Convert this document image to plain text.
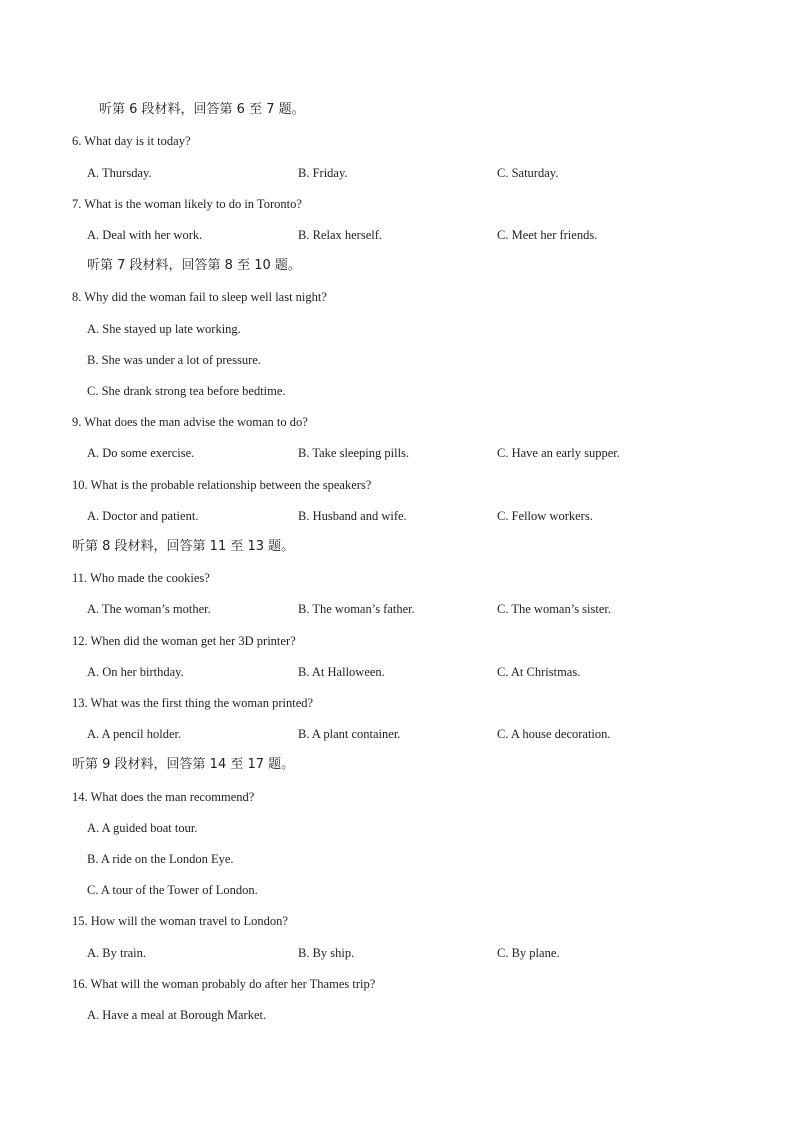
听第 6 段材料，回答第 6 至 7 题。
6. What day is it today?
A. Thursday.	B. Friday.	C. Saturday.
7. What is the woman likely to do in Toronto?
A. Deal with her work.	B. Relax herself.	C. Meet her friends.
听第 7 段材料，回答第 8 至 10 题。
8. Why did the woman fail to sleep well last night?
A. She stayed up late working.
B. She was under a lot of pressure.
C. She drank strong tea before bedtime.
9. What does the man advise the woman to do?
A. Do some exercise.	B. Take sleeping pills.	C. Have an early supper.
10. What is the probable relationship between the speakers?
A. Doctor and patient.	B. Husband and wife.	C. Fellow workers.
听第 8 段材料，回答第 11 至 13 题。
11. Who made the cookies?
A. The woman’s mother.	B. The woman’s father.	C. The woman’s sister.
12. When did the woman get her 3D printer?
A. On her birthday.	B. At Halloween.	C. At Christmas.
13. What was the first thing the woman printed?
A. A pencil holder.	B. A plant container.	C. A house decoration.
听第 9 段材料，回答第 14 至 17 题。
14. What does the man recommend?
A. A guided boat tour.
B. A ride on the London Eye.
C. A tour of the Tower of London.
15. How will the woman travel to London?
A. By train.	B. By ship.	C. By plane.
16. What will the woman probably do after her Thames trip?
A. Have a meal at Borough Market.
